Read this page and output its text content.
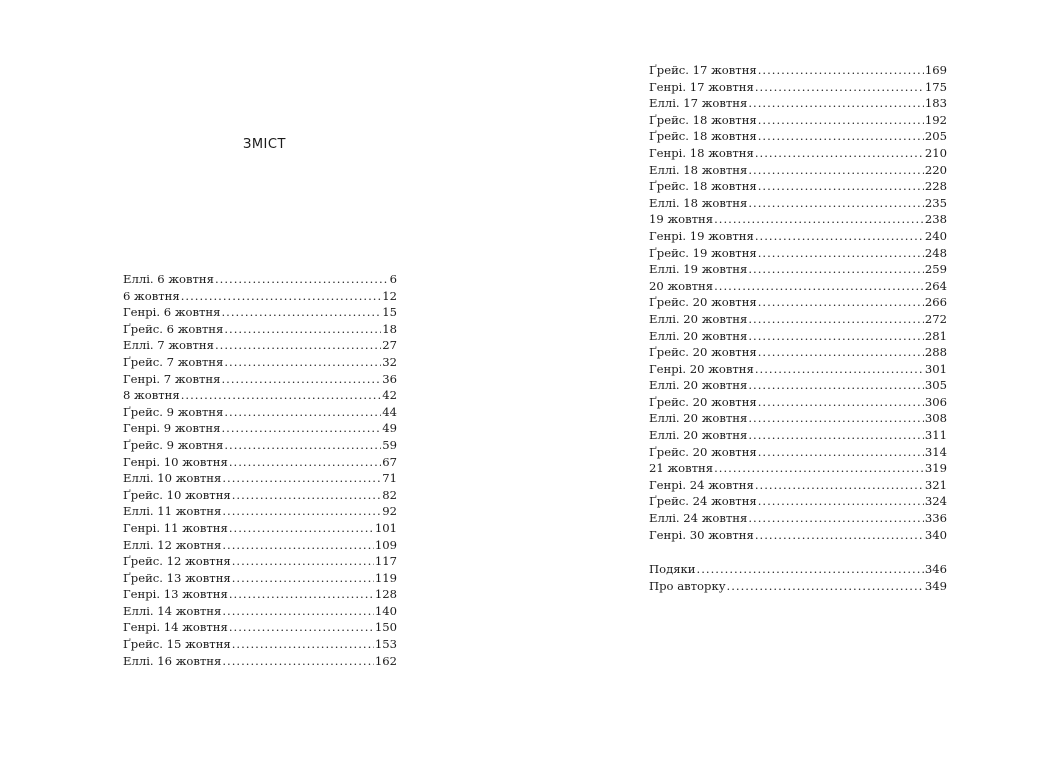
ЗМІСТ
Еллі. 6 жовтня .....	6
6 жовтня .....	12
Генрі. 6 жовтня .....	15
Ґрейс. 6 жовтня .....	18
Еллі. 7 жовтня .....	27
Ґрейс. 7 жовтня .....	32
Генрі. 7 жовтня .....	36
8 жовтня .....	42
Ґрейс. 9 жовтня .....	44
Генрі. 9 жовтня .....	49
Ґрейс. 9 жовтня .....	59
Генрі. 10 жовтня .....	67
Еллі. 10 жовтня .....	71
Ґрейс. 10 жовтня .....	82
Еллі. 11 жовтня .....	92
Генрі. 11 жовтня .....	101
Еллі. 12 жовтня .....	109
Ґрейс. 12 жовтня .....	117
Ґрейс. 13 жовтня .....	119
Генрі. 13 жовтня .....	128
Еллі. 14 жовтня .....	140
Генрі. 14 жовтня .....	150
Ґрейс. 15 жовтня .....	153
Еллі. 16 жовтня .....	162
Ґрейс. 17 жовтня .....	169
Генрі. 17 жовтня .....	175
Еллі. 17 жовтня .....	183
Ґрейс. 18 жовтня .....	192
Ґрейс. 18 жовтня .....	205
Генрі. 18 жовтня .....	210
Еллі. 18 жовтня .....	220
Ґрейс. 18 жовтня .....	228
Еллі. 18 жовтня .....	235
19 жовтня .....	238
Генрі. 19 жовтня .....	240
Ґрейс. 19 жовтня .....	248
Еллі. 19 жовтня .....	259
20 жовтня .....	264
Ґрейс. 20 жовтня .....	266
Еллі. 20 жовтня .....	272
Еллі. 20 жовтня .....	281
Ґрейс. 20 жовтня .....	288
Генрі. 20 жовтня .....	301
Еллі. 20 жовтня .....	305
Ґрейс. 20 жовтня .....	306
Еллі. 20 жовтня .....	308
Еллі. 20 жовтня .....	311
Ґрейс. 20 жовтня .....	314
21 жовтня .....	319
Генрі. 24 жовтня .....	321
Ґрейс. 24 жовтня .....	324
Еллі. 24 жовтня .....	336
Генрі. 30 жовтня .....	340
Подяки .....	346
Про авторку .....	349
